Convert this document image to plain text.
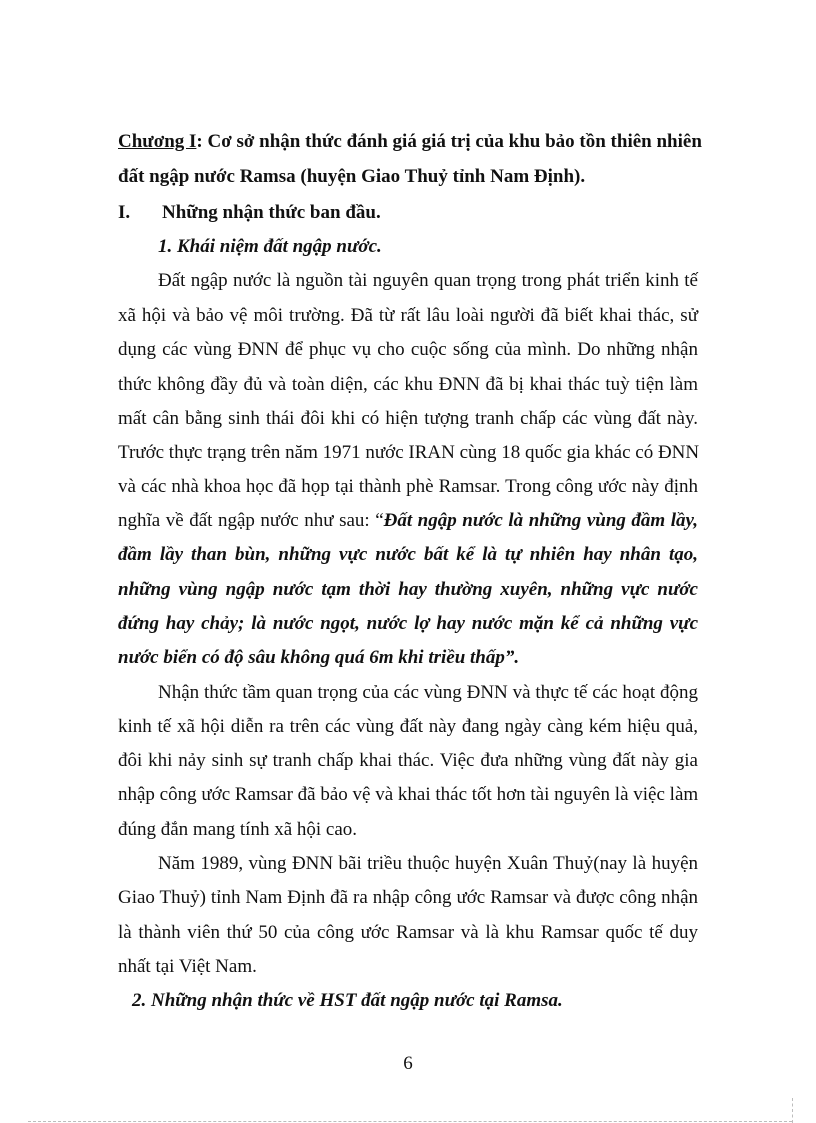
Chương I: Cơ sở nhận thức đánh giá giá trị của khu bảo tồn thiên nhiên
đất ngập nước Ramsa (huyện Giao Thuỷ tỉnh Nam Định).
I. Những nhận thức ban đầu.
1. Khái niệm đất ngập nước.
Đất ngập nước là nguồn tài nguyên quan trọng trong phát triển kinh tế
xã hội và bảo vệ môi trường. Đã từ rất lâu loài người đã biết khai thác, sử
dụng các vùng ĐNN để phục vụ cho cuộc sống của mình. Do những nhận
thức không đầy đủ và toàn diện, các khu ĐNN đã bị khai thác tuỳ tiện làm
mất cân bằng sinh thái đôi khi có hiện tượng tranh chấp các vùng đất này.
Trước thực trạng trên năm 1971 nước IRAN cùng 18 quốc gia khác có ĐNN
và các nhà khoa học đã họp tại thành phè Ramsar. Trong công ước này định
nghĩa về đất ngập nước như sau: “Đất ngập nước là những vùng đầm lầy,
đầm lầy than bùn, những vực nước bất kể là tự nhiên hay nhân tạo,
những vùng ngập nước tạm thời hay thường xuyên, những vực nước
đứng hay chảy; là nước ngọt, nước lợ hay nước mặn kể cả những vực
nước biển có độ sâu không quá 6m khi triều thấp”.
Nhận thức tầm quan trọng của các vùng ĐNN và thực tế các hoạt động
kinh tế xã hội diễn ra trên các vùng đất này đang ngày càng kém hiệu quả,
đôi khi nảy sinh sự tranh chấp khai thác. Việc đưa những vùng đất này gia
nhập công ước Ramsar đã bảo vệ và khai thác tốt hơn tài nguyên là việc làm
đúng đắn mang tính xã hội cao.
Năm 1989, vùng ĐNN bãi triều thuộc huyện Xuân Thuỷ(nay là huyện
Giao Thuỷ) tỉnh Nam Định đã ra nhập công ước Ramsar và được công nhận
là thành viên thứ 50 của công ước Ramsar và là khu Ramsar quốc tế duy
nhất tại Việt Nam.
2. Những nhận thức về HST đất ngập nước tại Ramsa.
6
